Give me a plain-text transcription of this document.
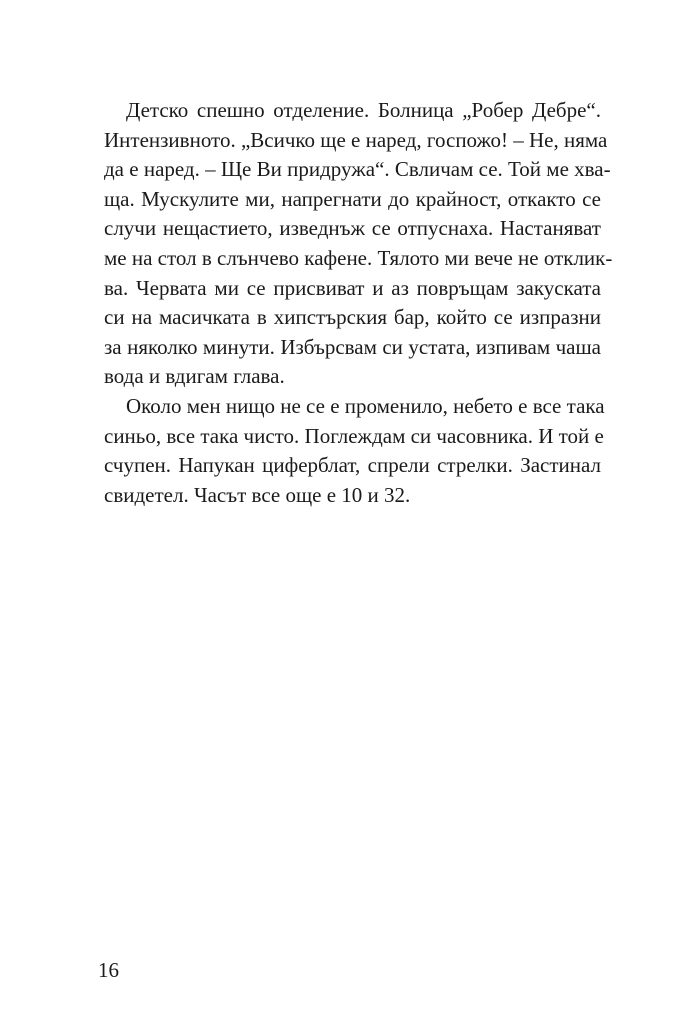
Детско спешно отделение. Болница „Робер Дебре“.
Интензивното. „Всичко ще е наред, госпожо! – Не, няма
да е наред. – Ще Ви придружа“. Свличам се. Той ме хва-
ща. Мускулите ми, напрегнати до крайност, откакто се
случи нещастието, изведнъж се отпуснаха. Настаняват
ме на стол в слънчево кафене. Тялото ми вече не отклик-
ва. Червата ми се присвиват и аз повръщам закуската
си на масичката в хипстърския бар, който се изпразни
за няколко минути. Избърсвам си устата, изпивам чаша
вода и вдигам глава.
Около мен нищо не се е променило, небето е все така
синьо, все така чисто. Поглеждам си часовника. И той е
счупен. Напукан циферблат, спрели стрелки. Застинал
свидетел. Часът все още е 10 и 32.
16
